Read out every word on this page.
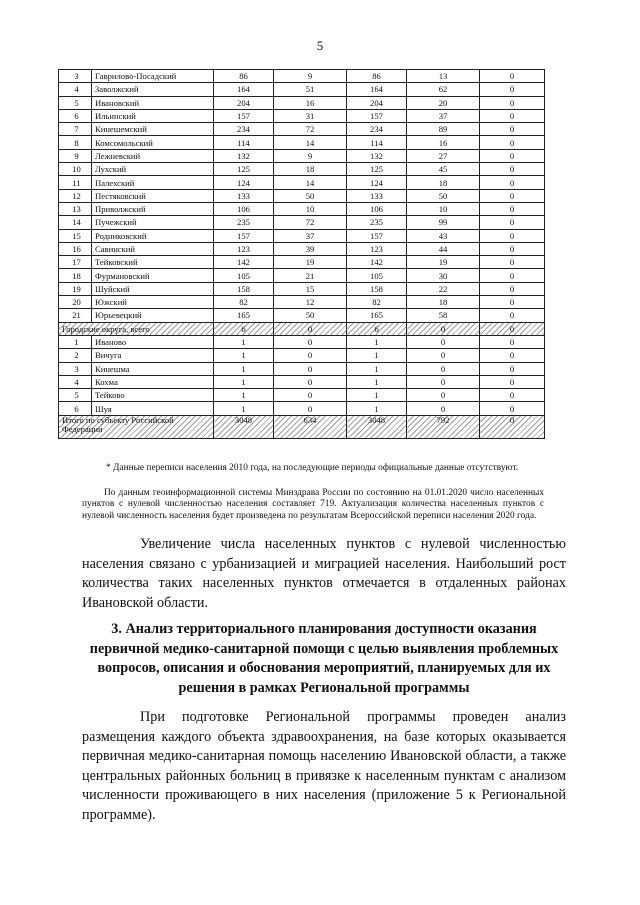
5
3	Гаврилово-Посадский	86	9	86	13	0
4	Заволжский	164	51	164	62	0
5	Ивановский	204	16	204	20	0
6	Ильинский	157	31	157	37	0
7	Кинешемский	234	72	234	89	0
8	Комсомольский	114	14	114	16	0
9	Лежневский	132	9	132	27	0
10	Лухский	125	18	125	45	0
11	Палехский	124	14	124	18	0
12	Пестяковский	133	50	133	50	0
13	Приволжский	106	10	106	10	0
14	Пучежский	235	72	235	99	0
15	Родниковский	157	37	157	43	0
16	Савинский	123	39	123	44	0
17	Тейковский	142	19	142	19	0
18	Фурмановский	105	21	105	30	0
19	Шуйский	158	15	158	22	0
20	Южский	82	12	82	18	0
21	Юрьевецкий	165	50	165	58	0
Городские округа, всего		6	0	6	0	0
1	Иваново	1	0	1	0	0
2	Вичуга	1	0	1	0	0
3	Кинешма	1	0	1	0	0
4	Кохма	1	0	1	0	0
5	Тейково	1	0	1	0	0
6	Шуя	1	0	1	0	0
Итого по субъекту Российской Федерации		3048	634	3048	792	0
* Данные переписи населения 2010 года, на последующие периоды официальные данные отсутствуют.
По данным геоинформационной системы Минздрава России по состоянию на 01.01.2020 число населенных пунктов с нулевой численностью населения составляет 719. Актуализация количества населенных пунктов с нулевой численность населения будет произведена по результатам Всероссийской переписи населения 2020 года.
Увеличение числа населенных пунктов с нулевой численностью населения связано с урбанизацией и миграцией населения. Наибольший рост количества таких населенных пунктов отмечается в отдаленных районах Ивановской области.
3. Анализ территориального планирования доступности оказания первичной медико-санитарной помощи с целью выявления проблемных вопросов, описания и обоснования мероприятий, планируемых для их решения в рамках Региональной программы
При подготовке Региональной программы проведен анализ размещения каждого объекта здравоохранения, на базе которых оказывается первичная медико-санитарная помощь населению Ивановской области, а также центральных районных больниц в привязке к населенным пунктам с анализом численности проживающего в них населения (приложение 5 к Региональной программе).
